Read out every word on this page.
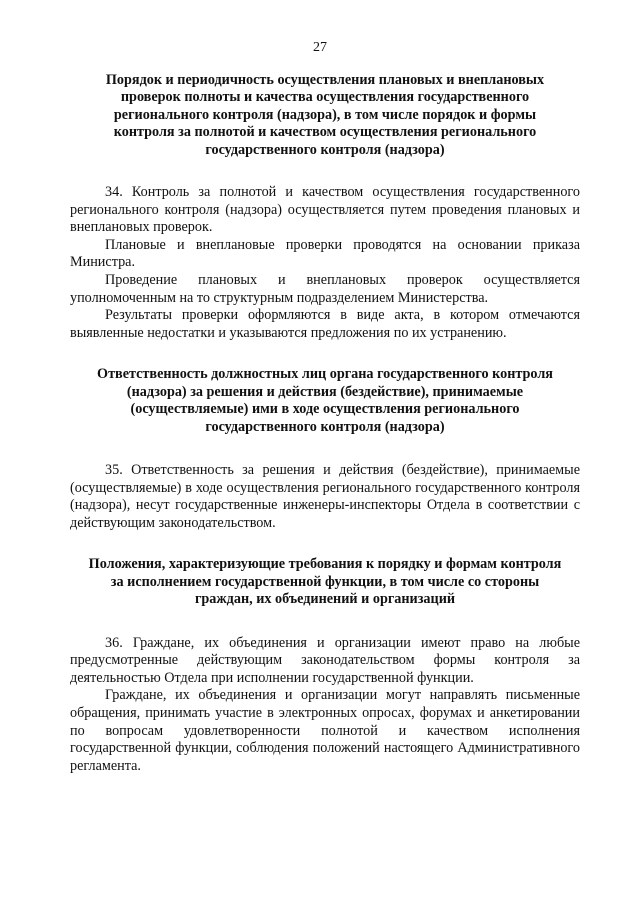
27
Порядок и периодичность осуществления плановых и внеплановых
проверок полноты и качества осуществления государственного
регионального контроля (надзора), в том числе порядок и формы
контроля за полнотой и качеством осуществления регионального
государственного контроля (надзора)

34. Контроль за полнотой и качеством осуществления государственного регионального контроля (надзора) осуществляется путем проведения плановых и внеплановых проверок.

Плановые и внеплановые проверки проводятся на основании приказа Министра.

Проведение плановых и внеплановых проверок осуществляется уполномоченным на то структурным подразделением Министерства.

Результаты проверки оформляются в виде акта, в котором отмечаются выявленные недостатки и указываются предложения по их устранению.

Ответственность должностных лиц органа государственного контроля
(надзора) за решения и действия (бездействие), принимаемые
(осуществляемые) ими в ходе осуществления регионального
государственного контроля (надзора)

35. Ответственность за решения и действия (бездействие), принимаемые (осуществляемые) в ходе осуществления регионального государственного контроля (надзора), несут государственные инженеры-инспекторы Отдела в соответствии с действующим законодательством.

Положения, характеризующие требования к порядку и формам контроля
за исполнением государственной функции, в том числе со стороны
граждан, их объединений и организаций

36. Граждане, их объединения и организации имеют право на любые предусмотренные действующим законодательством формы контроля за деятельностью Отдела при исполнении государственной функции.

Граждане, их объединения и организации могут направлять письменные обращения, принимать участие в электронных опросах, форумах и анкетировании по вопросам удовлетворенности полнотой и качеством исполнения государственной функции, соблюдения положений настоящего Административного регламента.
